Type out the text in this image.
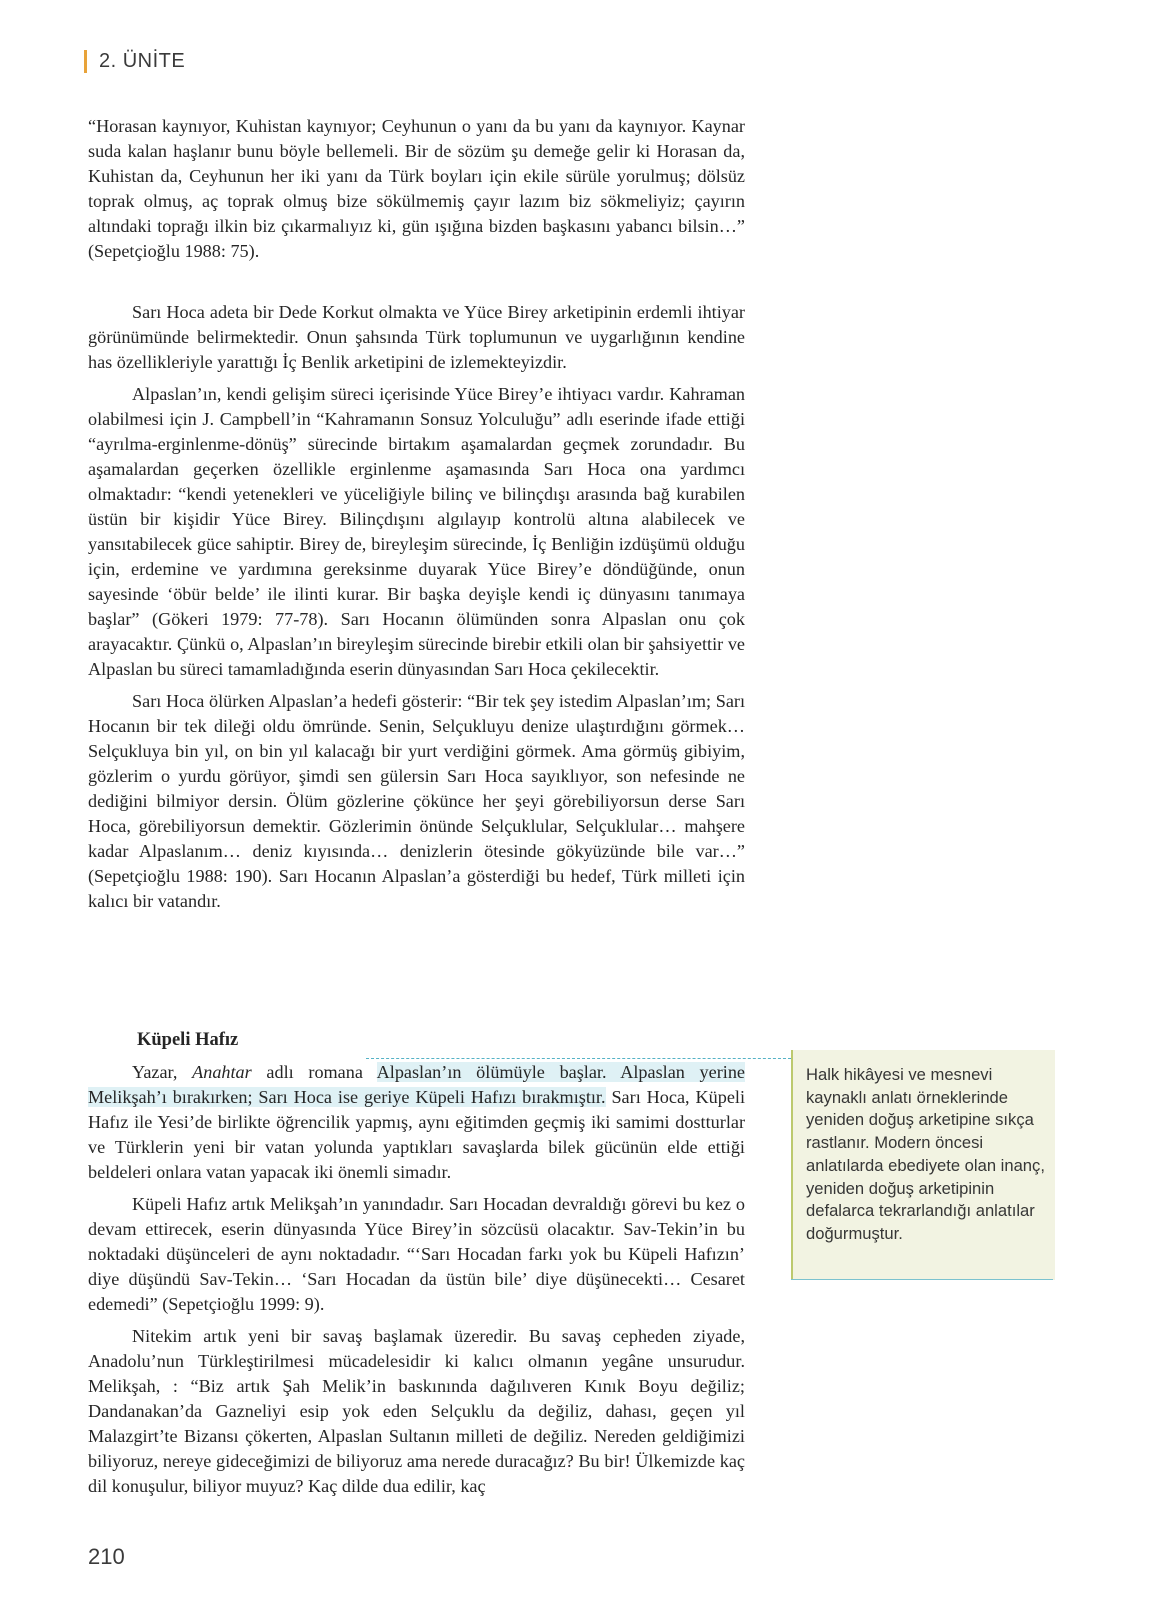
2. ÜNİTE

“Horasan kaynıyor, Kuhistan kaynıyor; Ceyhunun o yanı da bu yanı da kaynıyor. Kaynar suda kalan haşlanır bunu böyle bellemeli. Bir de sözüm şu demeğe gelir ki Horasan da, Kuhistan da, Ceyhunun her iki yanı da Türk boyları için ekile sürüle yorulmuş; dölsüz toprak olmuş, aç toprak olmuş bize sökülmemiş çayır lazım biz sökmeliyiz; çayırın altındaki toprağı ilkin biz çıkarmalıyız ki, gün ışığına bizden başkasını yabancı bilsin…” (Sepetçioğlu 1988: 75).

Sarı Hoca adeta bir Dede Korkut olmakta ve Yüce Birey arketipinin erdemli ihtiyar görünümünde belirmektedir. Onun şahsında Türk toplumunun ve uygarlığının kendine has özellikleriyle yarattığı İç Benlik arketipini de izlemekteyizdir.

Alpaslan’ın, kendi gelişim süreci içerisinde Yüce Birey’e ihtiyacı vardır. Kahraman olabilmesi için J. Campbell’in “Kahramanın Sonsuz Yolculuğu” adlı eserinde ifade ettiği “ayrılma-erginlenme-dönüş” sürecinde birtakım aşamalardan geçmek zorundadır. Bu aşamalardan geçerken özellikle erginlenme aşamasında Sarı Hoca ona yardımcı olmaktadır: “kendi yetenekleri ve yüceliğiyle bilinç ve bilinçdışı arasında bağ kurabilen üstün bir kişidir Yüce Birey. Bilinçdışını algılayıp kontrolü altına alabilecek ve yansıtabilecek güce sahiptir. Birey de, bireyleşim sürecinde, İç Benliğin izdüşümü olduğu için, erdemine ve yardımına gereksinme duyarak Yüce Birey’e döndüğünde, onun sayesinde ‘öbür belde’ ile ilinti kurar. Bir başka deyişle kendi iç dünyasını tanımaya başlar” (Gökeri 1979: 77-78). Sarı Hocanın ölümünden sonra Alpaslan onu çok arayacaktır. Çünkü o, Alpaslan’ın bireyleşim sürecinde birebir etkili olan bir şahsiyettir ve Alpaslan bu süreci tamamladığında eserin dünyasından Sarı Hoca çekilecektir.

Sarı Hoca ölürken Alpaslan’a hedefi gösterir: “Bir tek şey istedim Alpaslan’ım; Sarı Hocanın bir tek dileği oldu ömründe. Senin, Selçukluyu denize ulaştırdığını görmek… Selçukluya bin yıl, on bin yıl kalacağı bir yurt verdiğini görmek. Ama görmüş gibiyim, gözlerim o yurdu görüyor, şimdi sen gülersin Sarı Hoca sayıklıyor, son nefesinde ne dediğini bilmiyor dersin. Ölüm gözlerine çökünce her şeyi görebiliyorsun derse Sarı Hoca, görebiliyorsun demektir. Gözlerimin önünde Selçuklular, Selçuklular… mahşere kadar Alpaslanım… deniz kıyısında… denizlerin ötesinde gökyüzünde bile var…” (Sepetçioğlu 1988: 190). Sarı Hocanın Alpaslan’a gösterdiği bu hedef, Türk milleti için kalıcı bir vatandır.

Küpeli Hafız

Yazar, Anahtar adlı romana Alpaslan’ın ölümüyle başlar. Alpaslan yerine Melikşah’ı bırakırken; Sarı Hoca ise geriye Küpeli Hafızı bırakmıştır. Sarı Hoca, Küpeli Hafız ile Yesi’de birlikte öğrencilik yapmış, aynı eğitimden geçmiş iki samimi dostturlar ve Türklerin yeni bir vatan yolunda yaptıkları savaşlarda bilek gücünün elde ettiği beldeleri onlara vatan yapacak iki önemli simadır.

Küpeli Hafız artık Melikşah’ın yanındadır. Sarı Hocadan devraldığı görevi bu kez o devam ettirecek, eserin dünyasında Yüce Birey’in sözcüsü olacaktır. Sav-Tekin’in bu noktadaki düşünceleri de aynı noktadadır. “‘Sarı Hocadan farkı yok bu Küpeli Hafızın’ diye düşündü Sav-Tekin… ‘Sarı Hocadan da üstün bile’ diye düşünecekti… Cesaret edemedi” (Sepetçioğlu 1999: 9).

Nitekim artık yeni bir savaş başlamak üzeredir. Bu savaş cepheden ziyade, Anadolu’nun Türkleştirilmesi mücadelesidir ki kalıcı olmanın yegâne unsurudur. Melikşah, : “Biz artık Şah Melik’in baskınında dağılıveren Kınık Boyu değiliz; Dandanakan’da Gazneliyi esip yok eden Selçuklu da değiliz, dahası, geçen yıl Malazgirt’te Bizansı çökerten, Alpaslan Sultanın milleti de değiliz. Nereden geldiğimizi biliyoruz, nereye gideceğimizi de biliyoruz ama nerede duracağız? Bu bir! Ülkemizde kaç dil konuşulur, biliyor muyuz? Kaç dilde dua edilir, kaç

Halk hikâyesi ve mesnevi kaynaklı anlatı örneklerinde yeniden doğuş arketipine sıkça rastlanır. Modern öncesi anlatılarda ebediyete olan inanç, yeniden doğuş arketipinin defalarca tekrarlandığı anlatılar doğurmuştur.
210
